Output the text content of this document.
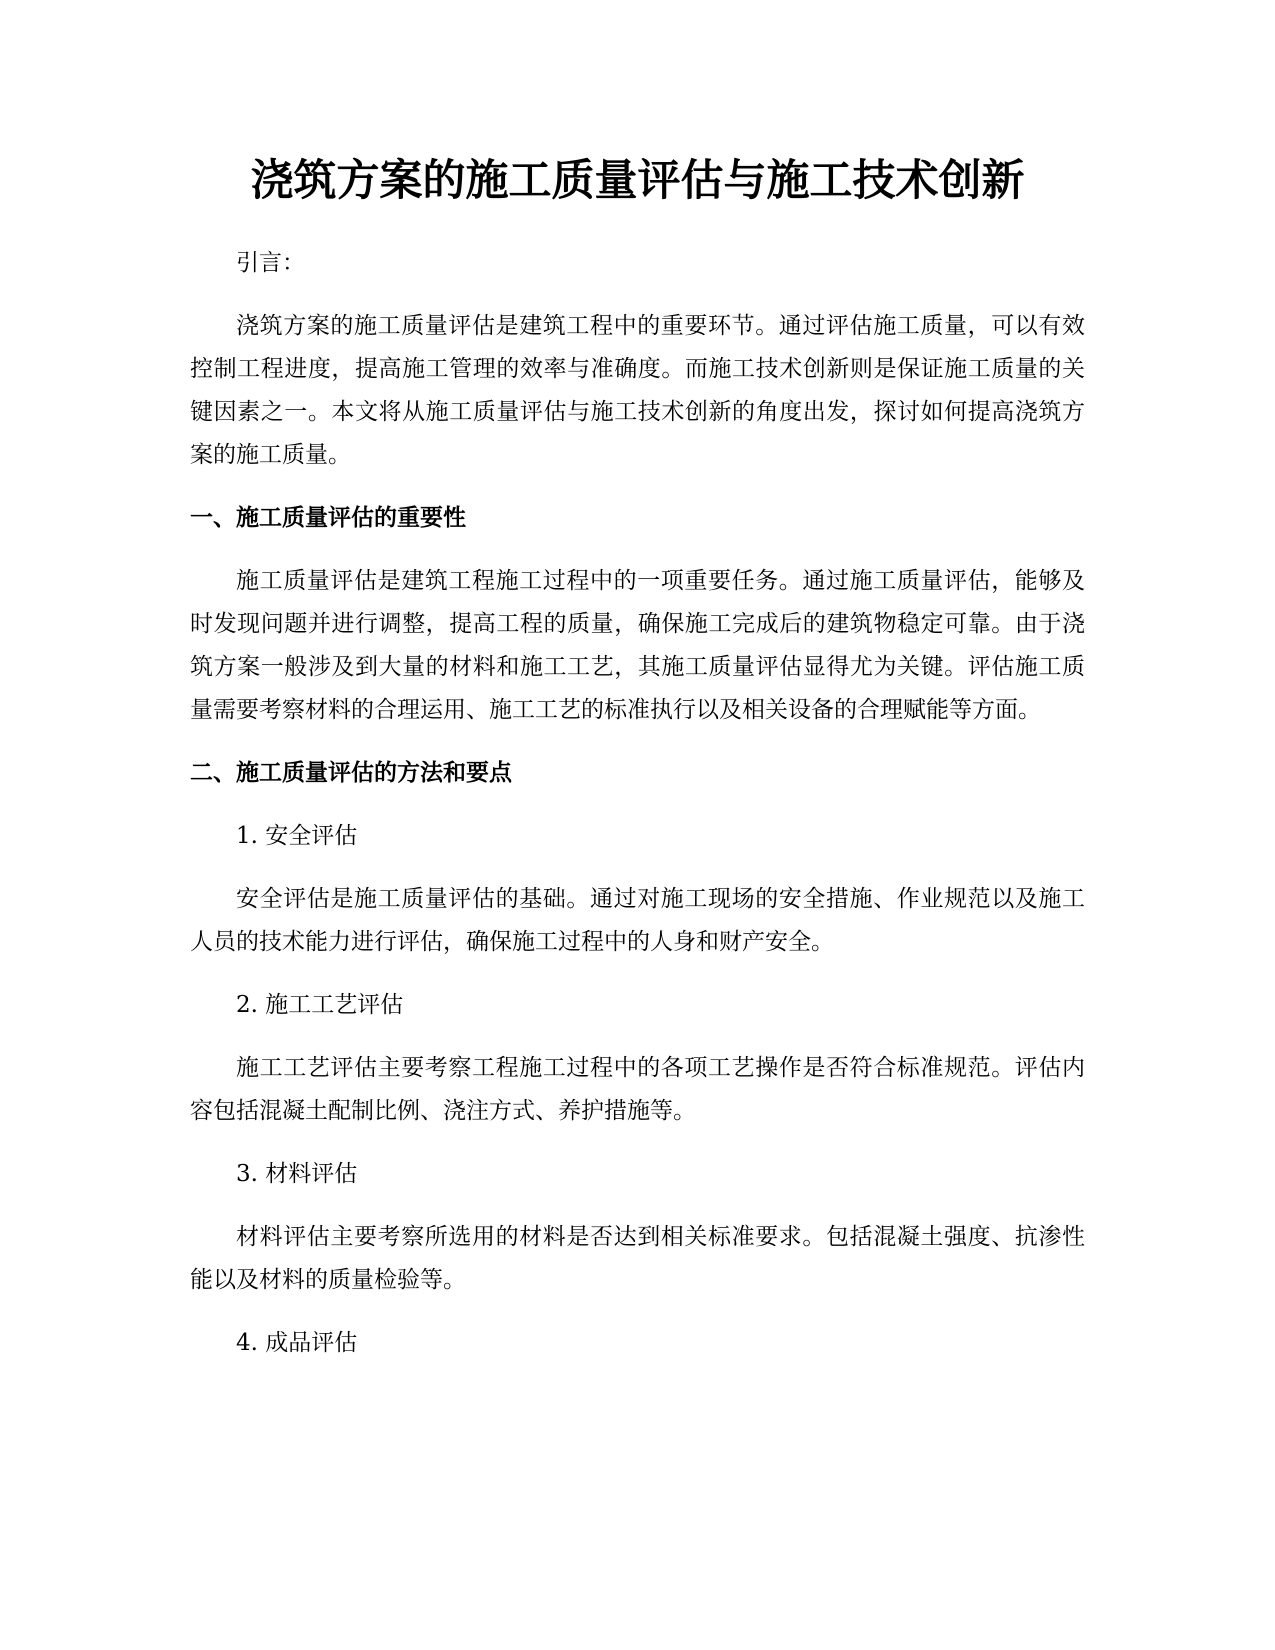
浇筑方案的施工质量评估与施工技术创新

引言：

浇筑方案的施工质量评估是建筑工程中的重要环节。通过评估施工质量，可以有效控制工程进度，提高施工管理的效率与准确度。而施工技术创新则是保证施工质量的关键因素之一。本文将从施工质量评估与施工技术创新的角度出发，探讨如何提高浇筑方案的施工质量。

一、施工质量评估的重要性

施工质量评估是建筑工程施工过程中的一项重要任务。通过施工质量评估，能够及时发现问题并进行调整，提高工程的质量，确保施工完成后的建筑物稳定可靠。由于浇筑方案一般涉及到大量的材料和施工工艺，其施工质量评估显得尤为关键。评估施工质量需要考察材料的合理运用、施工工艺的标准执行以及相关设备的合理赋能等方面。

二、施工质量评估的方法和要点

1. 安全评估

安全评估是施工质量评估的基础。通过对施工现场的安全措施、作业规范以及施工人员的技术能力进行评估，确保施工过程中的人身和财产安全。

2. 施工工艺评估

施工工艺评估主要考察工程施工过程中的各项工艺操作是否符合标准规范。评估内容包括混凝土配制比例、浇注方式、养护措施等。

3. 材料评估

材料评估主要考察所选用的材料是否达到相关标准要求。包括混凝土强度、抗渗性能以及材料的质量检验等。

4. 成品评估
